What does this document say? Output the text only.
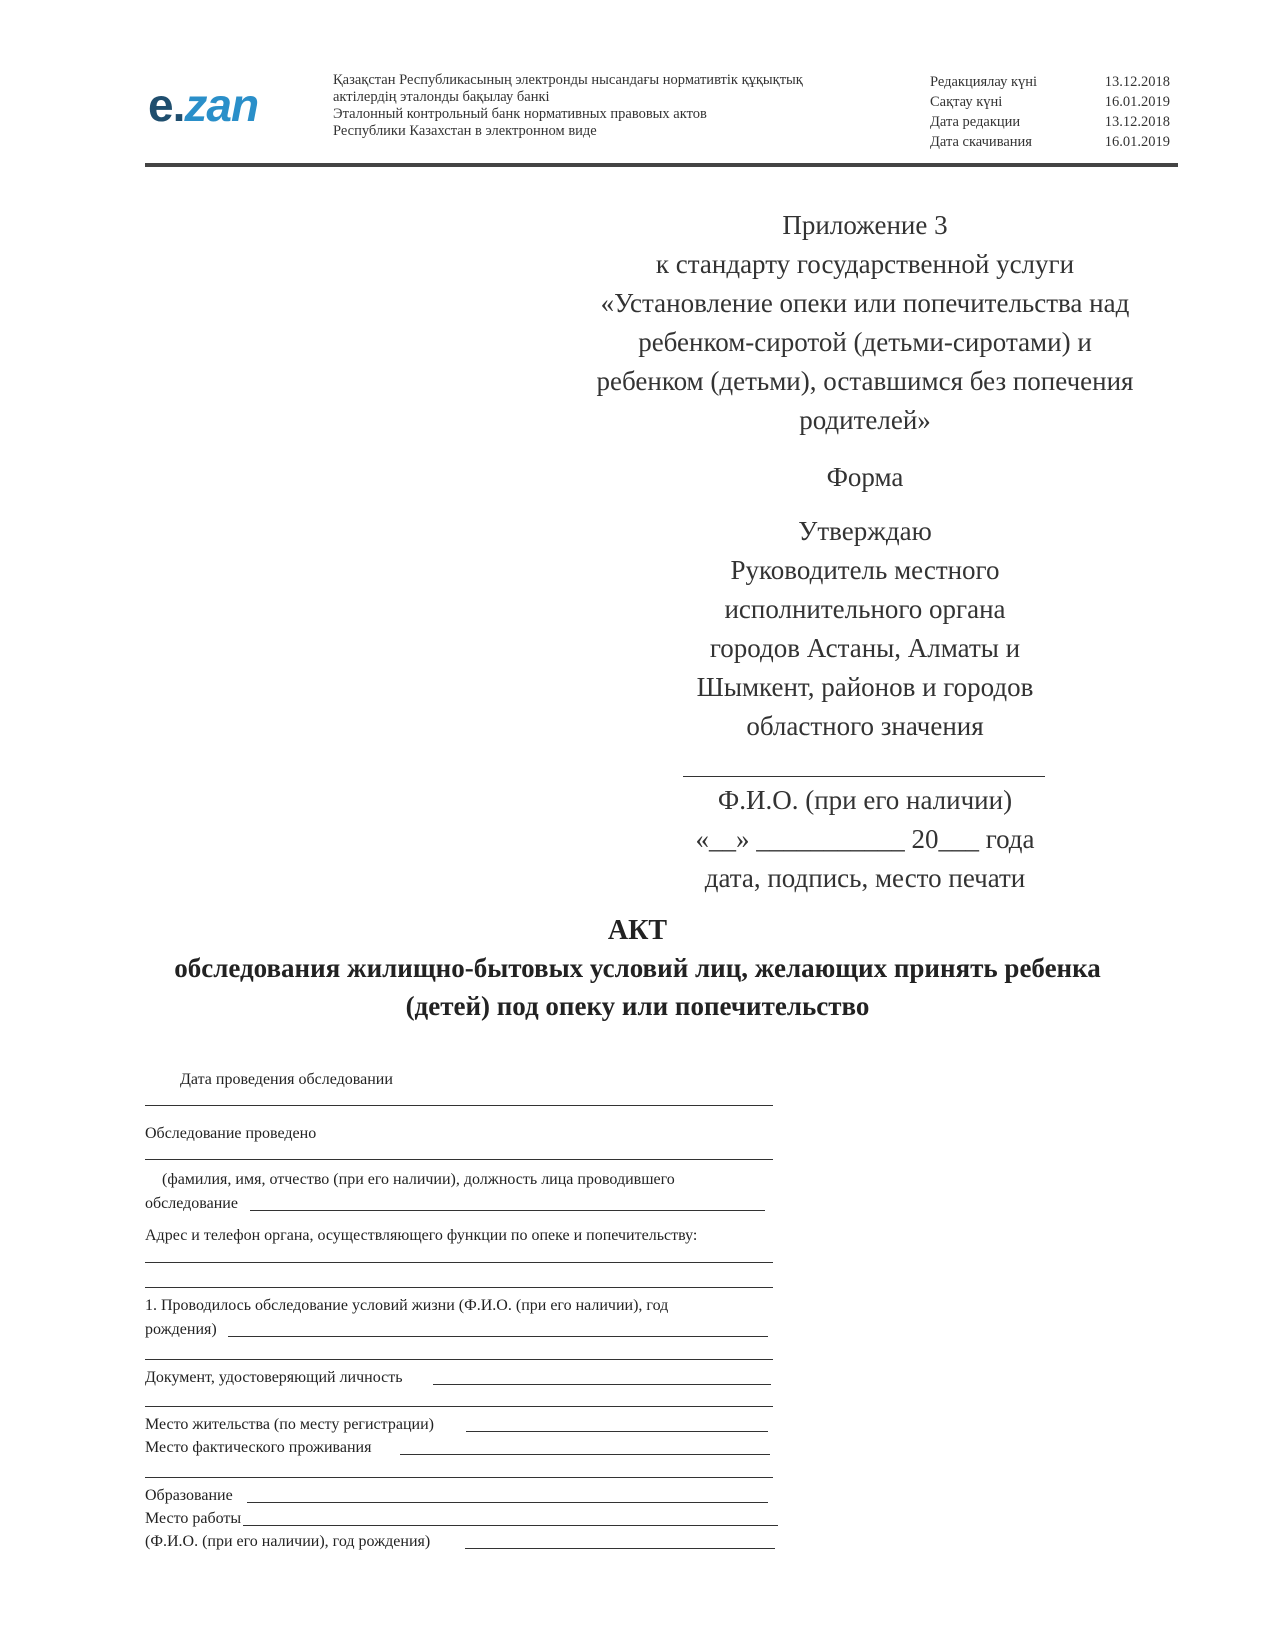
e.zan	Қазақстан Республикасының электронды нысандағы нормативтік құқықтық
актілердің эталонды бақылау банкі
Эталонный контрольный банк нормативных правовых актов
Республики Казахстан в электронном виде
Редакциялау күні	13.12.2018
Сақтау күні	16.01.2019
Дата редакции	13.12.2018
Дата скачивания	16.01.2019
Приложение 3
к стандарту государственной услуги
«Установление опеки или попечительства над
ребенком-сиротой (детьми-сиротами) и
ребенком (детьми), оставшимся без попечения
родителей»
Форма
Утверждаю
Руководитель местного
исполнительного органа
городов Астаны, Алматы и
Шымкент, районов и городов
областного значения
Ф.И.О. (при его наличии)
«__» ___________ 20___ года
дата, подпись, место печати
АКТ
обследования жилищно-бытовых условий лиц, желающих принять ребенка
(детей) под опеку или попечительство
Дата проведения обследовании
Обследование проведено
(фамилия, имя, отчество (при его наличии), должность лица проводившего
обследование
Адрес и телефон органа, осуществляющего функции по опеке и попечительству:
1. Проводилось обследование условий жизни (Ф.И.О. (при его наличии), год
рождения)
Документ, удостоверяющий личность
Место жительства (по месту регистрации)
Место фактического проживания
Образование
Место работы
(Ф.И.О. (при его наличии), год рождения)
